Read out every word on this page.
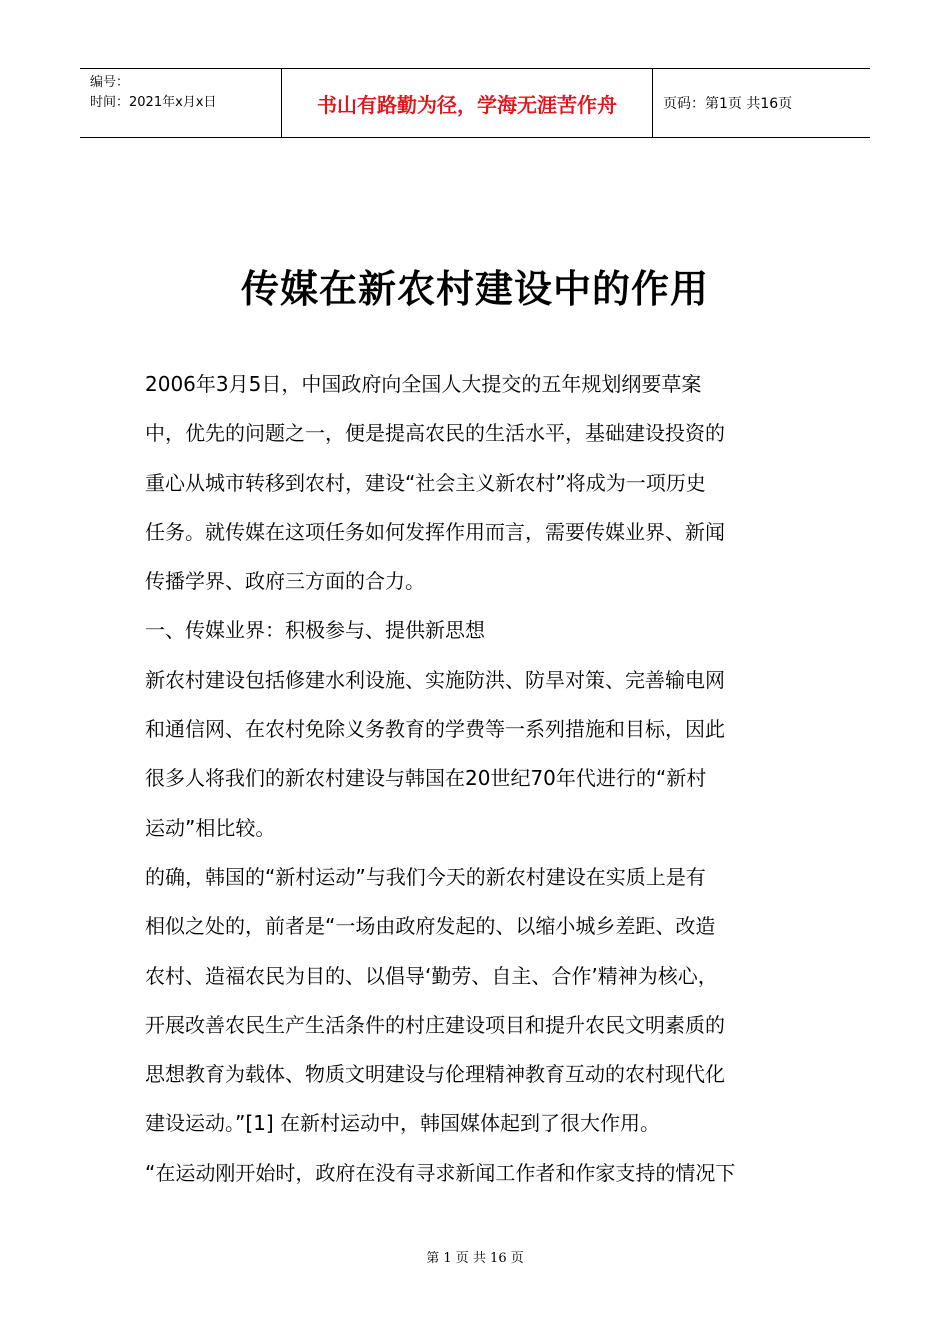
编号：
时间：2021年x月x日	书山有路勤为径，学海无涯苦作舟	页码：第1页 共16页
传媒在新农村建设中的作用

2006年3月5日，中国政府向全国人大提交的五年规划纲要草案

中，优先的问题之一，便是提高农民的生活水平，基础建设投资的

重心从城市转移到农村，建设“社会主义新农村”将成为一项历史

任务。就传媒在这项任务如何发挥作用而言，需要传媒业界、新闻

传播学界、政府三方面的合力。

一、传媒业界：积极参与、提供新思想

新农村建设包括修建水利设施、实施防洪、防旱对策、完善输电网

和通信网、在农村免除义务教育的学费等一系列措施和目标，因此

很多人将我们的新农村建设与韩国在20世纪70年代进行的“新村

运动”相比较。

的确，韩国的“新村运动”与我们今天的新农村建设在实质上是有

相似之处的，前者是“一场由政府发起的、以缩小城乡差距、改造

农村、造福农民为目的、以倡导‘勤劳、自主、合作’精神为核心，

开展改善农民生产生活条件的村庄建设项目和提升农民文明素质的

思想教育为载体、物质文明建设与伦理精神教育互动的农村现代化

建设运动。”[1] 在新村运动中，韩国媒体起到了很大作用。

“在运动刚开始时，政府在没有寻求新闻工作者和作家支持的情况下

第 1 页 共 16 页
